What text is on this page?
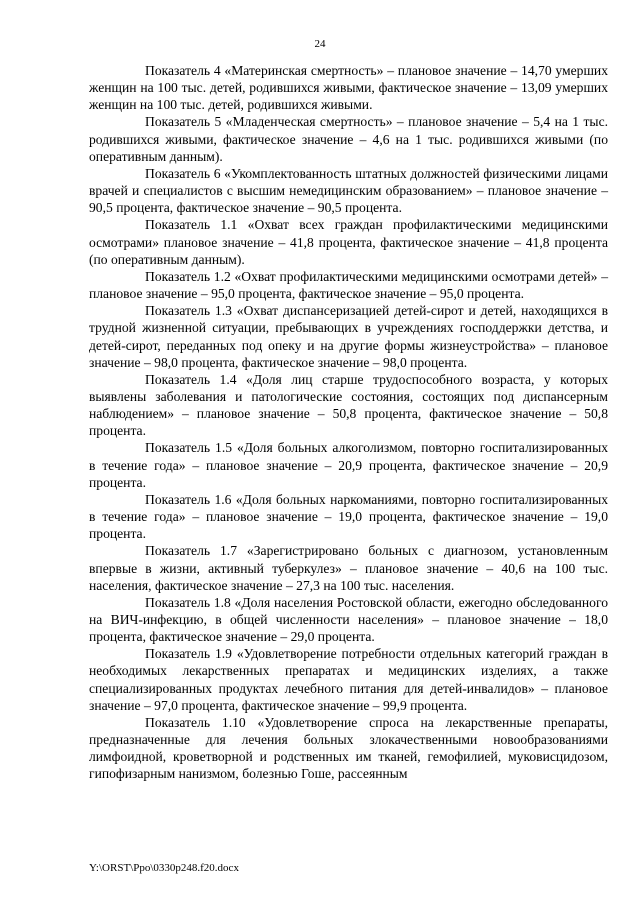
24

Показатель 4 «Материнская смертность» – плановое значение – 14,70 умерших женщин на 100 тыс. детей, родившихся живыми, фактическое значение – 13,09 умерших женщин на 100 тыс. детей, родившихся живыми.

Показатель 5 «Младенческая смертность» – плановое значение – 5,4 на 1 тыс. родившихся живыми, фактическое значение – 4,6 на 1 тыс. родившихся живыми (по оперативным данным).

Показатель 6 «Укомплектованность штатных должностей физическими лицами врачей и специалистов с высшим немедицинским образованием» – плановое значение – 90,5 процента, фактическое значение – 90,5 процента.

Показатель 1.1 «Охват всех граждан профилактическими медицинскими осмотрами» плановое значение – 41,8 процента, фактическое значение – 41,8 процента (по оперативным данным).

Показатель 1.2 «Охват профилактическими медицинскими осмотрами детей» – плановое значение – 95,0 процента, фактическое значение – 95,0 процента.

Показатель 1.3 «Охват диспансеризацией детей-сирот и детей, находящихся в трудной жизненной ситуации, пребывающих в учреждениях господдержки детства, и детей-сирот, переданных под опеку и на другие формы жизнеустройства» – плановое значение – 98,0 процента, фактическое значение – 98,0 процента.

Показатель 1.4 «Доля лиц старше трудоспособного возраста, у которых выявлены заболевания и патологические состояния, состоящих под диспансерным наблюдением» – плановое значение – 50,8 процента, фактическое значение – 50,8 процента.

Показатель 1.5 «Доля больных алкоголизмом, повторно госпитализированных в течение года» – плановое значение – 20,9 процента, фактическое значение – 20,9 процента.

Показатель 1.6 «Доля больных наркоманиями, повторно госпитализированных в течение года» – плановое значение – 19,0 процента, фактическое значение – 19,0 процента.

Показатель 1.7 «Зарегистрировано больных с диагнозом, установленным впервые в жизни, активный туберкулез» – плановое значение – 40,6 на 100 тыс. населения, фактическое значение – 27,3 на 100 тыс. населения.

Показатель 1.8 «Доля населения Ростовской области, ежегодно обследованного на ВИЧ-инфекцию, в общей численности населения» – плановое значение – 18,0 процента, фактическое значение – 29,0 процента.

Показатель 1.9 «Удовлетворение потребности отдельных категорий граждан в необходимых лекарственных препаратах и медицинских изделиях, а также специализированных продуктах лечебного питания для детей-инвалидов» – плановое значение – 97,0 процента, фактическое значение – 99,9 процента.

Показатель 1.10 «Удовлетворение спроса на лекарственные препараты, предназначенные для лечения больных злокачественными новообразованиями лимфоидной, кроветворной и родственных им тканей, гемофилией, муковисцидозом, гипофизарным нанизмом, болезнью Гоше, рассеянным

Y:\ORST\Ppo\0330p248.f20.docx
